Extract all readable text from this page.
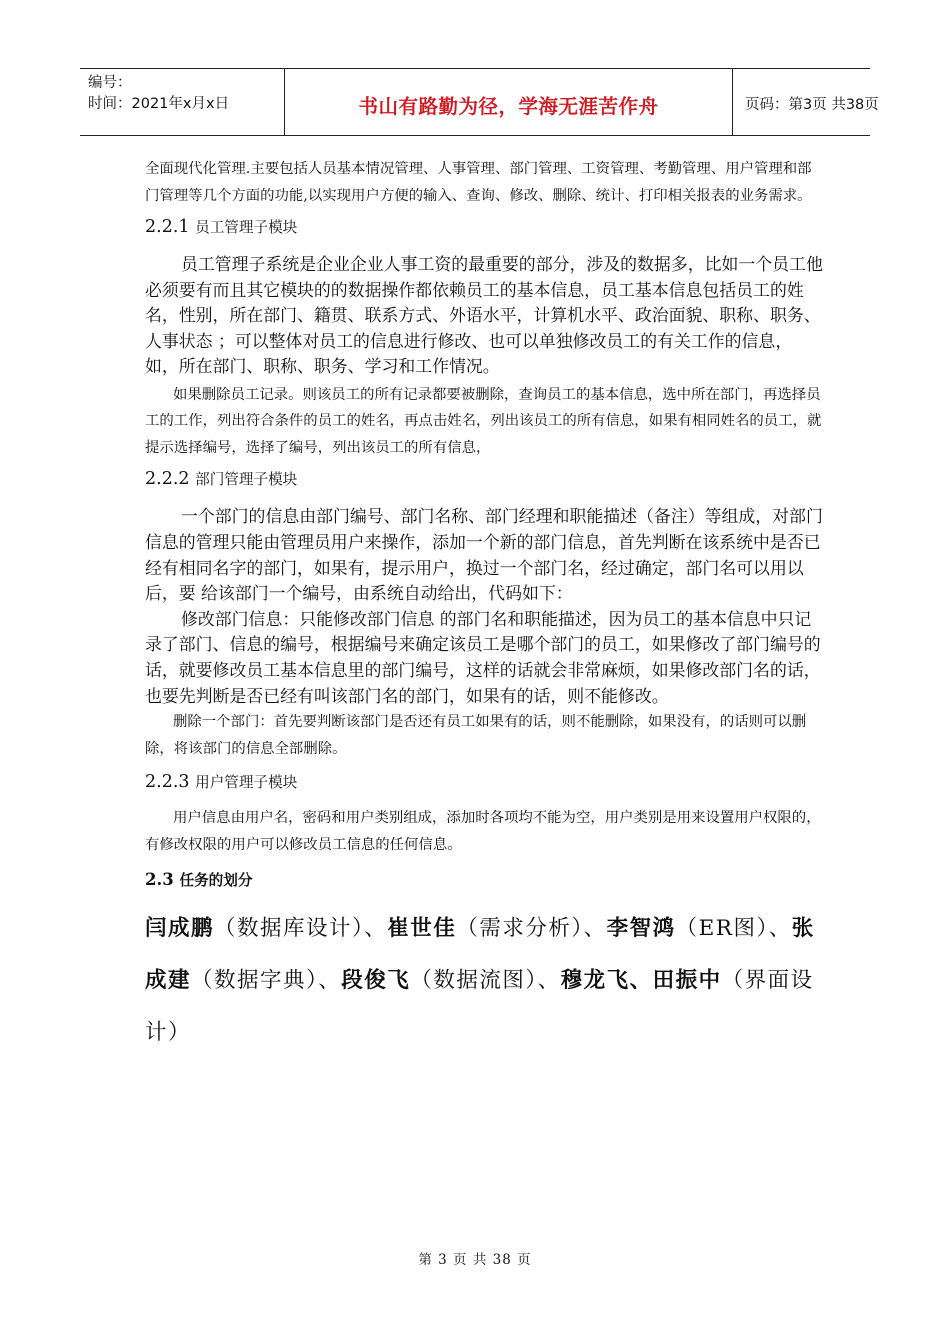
编号：
时间：2021年x月x日	书山有路勤为径，学海无涯苦作舟	页码：第3页 共38页

全面现代化管理.主要包括人员基本情况管理、人事管理、部门管理、工资管理、考勤管理、用户管理和部门管理等几个方面的功能,以实现用户方便的输入、查询、修改、删除、统计、打印相关报表的业务需求。

2.2.1 员工管理子模块

员工管理子系统是企业企业人事工资的最重要的部分，涉及的数据多，比如一个员工他必须要有而且其它模块的的数据操作都依赖员工的基本信息，员工基本信息包括员工的姓名，性别，所在部门、籍贯、联系方式、外语水平，计算机水平、政治面貌、职称、职务、人事状态 ；可以整体对员工的信息进行修改、也可以单独修改员工的有关工作的信息，如，所在部门、职称、职务、学习和工作情况。

如果删除员工记录。则该员工的所有记录都要被删除，查询员工的基本信息，选中所在部门，再选择员工的工作，列出符合条件的员工的姓名，再点击姓名，列出该员工的所有信息，如果有相同姓名的员工，就提示选择编号，选择了编号，列出该员工的所有信息，

2.2.2 部门管理子模块

一个部门的信息由部门编号、部门名称、部门经理和职能描述（备注）等组成，对部门信息的管理只能由管理员用户来操作，添加一个新的部门信息，首先判断在该系统中是否已经有相同名字的部门，如果有，提示用户，换过一个部门名，经过确定，部门名可以用以后，要 给该部门一个编号，由系统自动给出，代码如下：

修改部门信息：只能修改部门信息 的部门名和职能描述，因为员工的基本信息中只记录了部门、信息的编号，根据编号来确定该员工是哪个部门的员工，如果修改了部门编号的话，就要修改员工基本信息里的部门编号，这样的话就会非常麻烦，如果修改部门名的话，也要先判断是否已经有叫该部门名的部门，如果有的话，则不能修改。

删除一个部门：首先要判断该部门是否还有员工如果有的话，则不能删除，如果没有，的话则可以删除，将该部门的信息全部删除。

2.2.3 用户管理子模块

用户信息由用户名，密码和用户类别组成，添加时各项均不能为空，用户类别是用来设置用户权限的，有修改权限的用户可以修改员工信息的任何信息。

2.3 任务的划分

闫成鹏（数据库设计）、崔世佳（需求分析）、李智鸿（ER图）、张成建（数据字典）、段俊飞（数据流图）、穆龙飞、田振中（界面设计）

第 3 页 共 38 页
